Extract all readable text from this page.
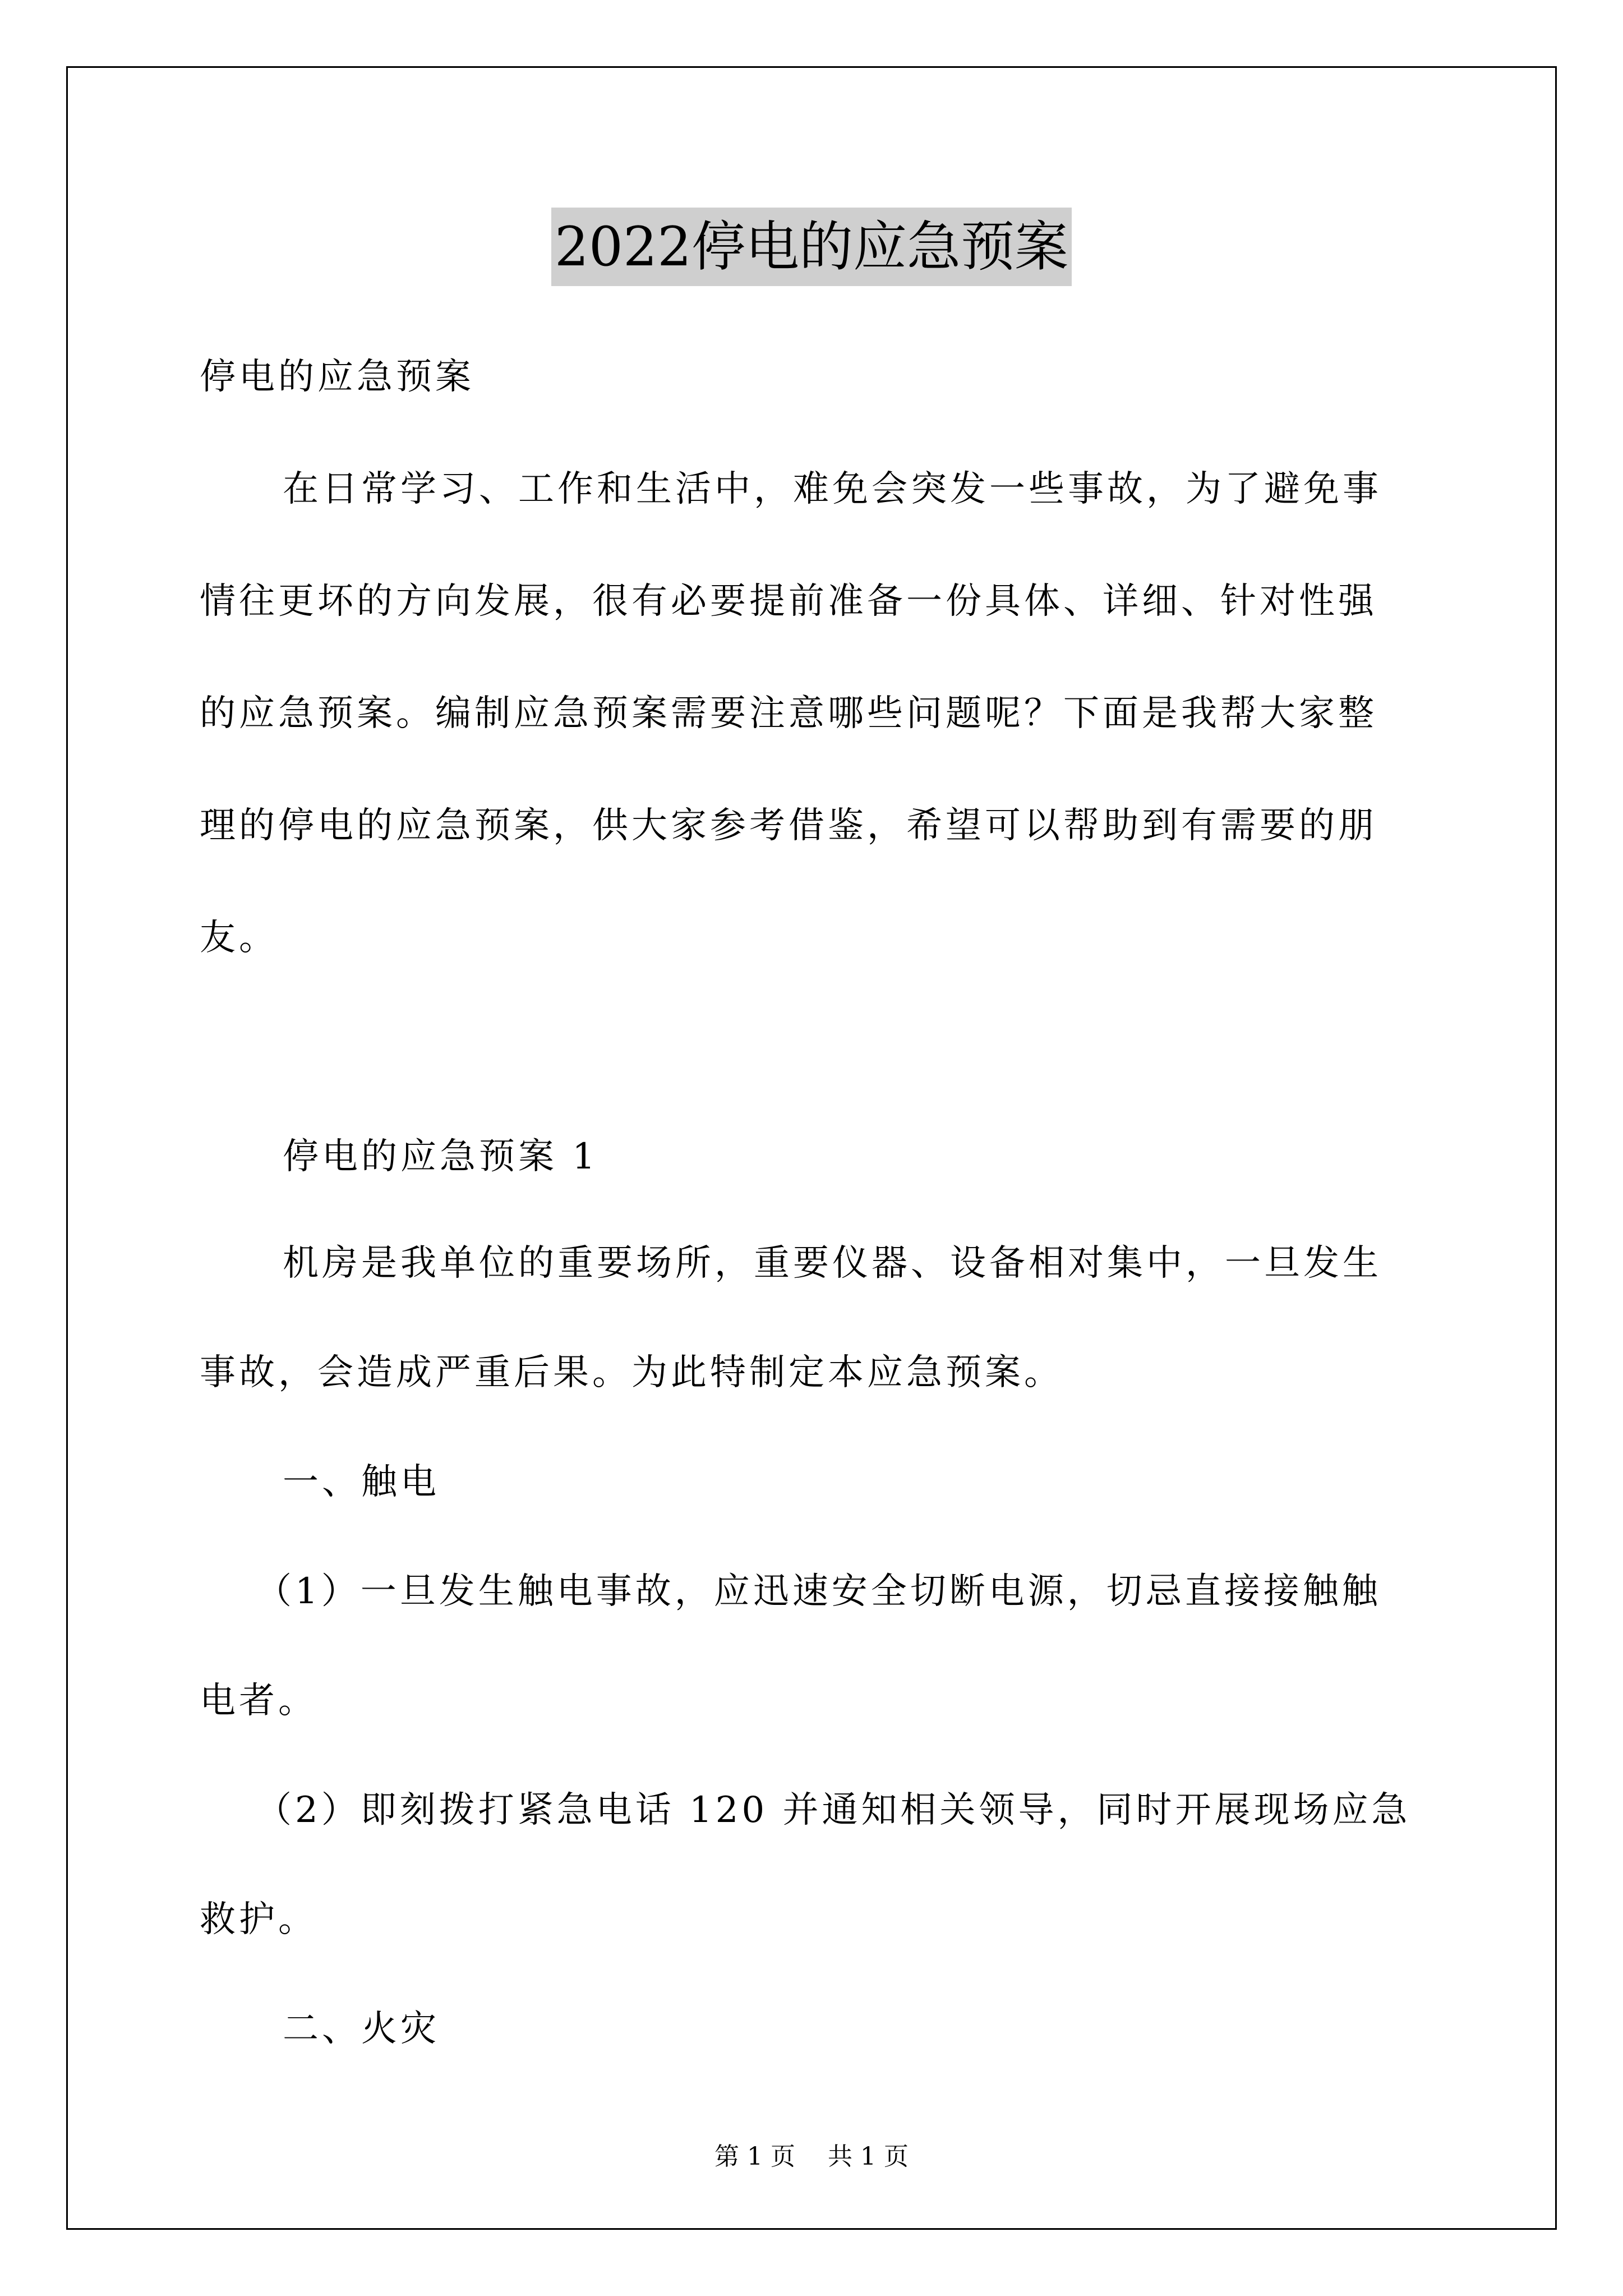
2022停电的应急预案
停电的应急预案
在日常学习、工作和生活中，难免会突发一些事故，为了避免事
情往更坏的方向发展，很有必要提前准备一份具体、详细、针对性强
的应急预案。编制应急预案需要注意哪些问题呢？下面是我帮大家整
理的停电的应急预案，供大家参考借鉴，希望可以帮助到有需要的朋
友。
停电的应急预案 1
机房是我单位的重要场所，重要仪器、设备相对集中，一旦发生
事故，会造成严重后果。为此特制定本应急预案。
一、触电
（1）一旦发生触电事故，应迅速安全切断电源，切忌直接接触触
电者。
（2）即刻拨打紧急电话 120 并通知相关领导，同时开展现场应急
救护。
二、火灾
第 1 页 共 1 页
